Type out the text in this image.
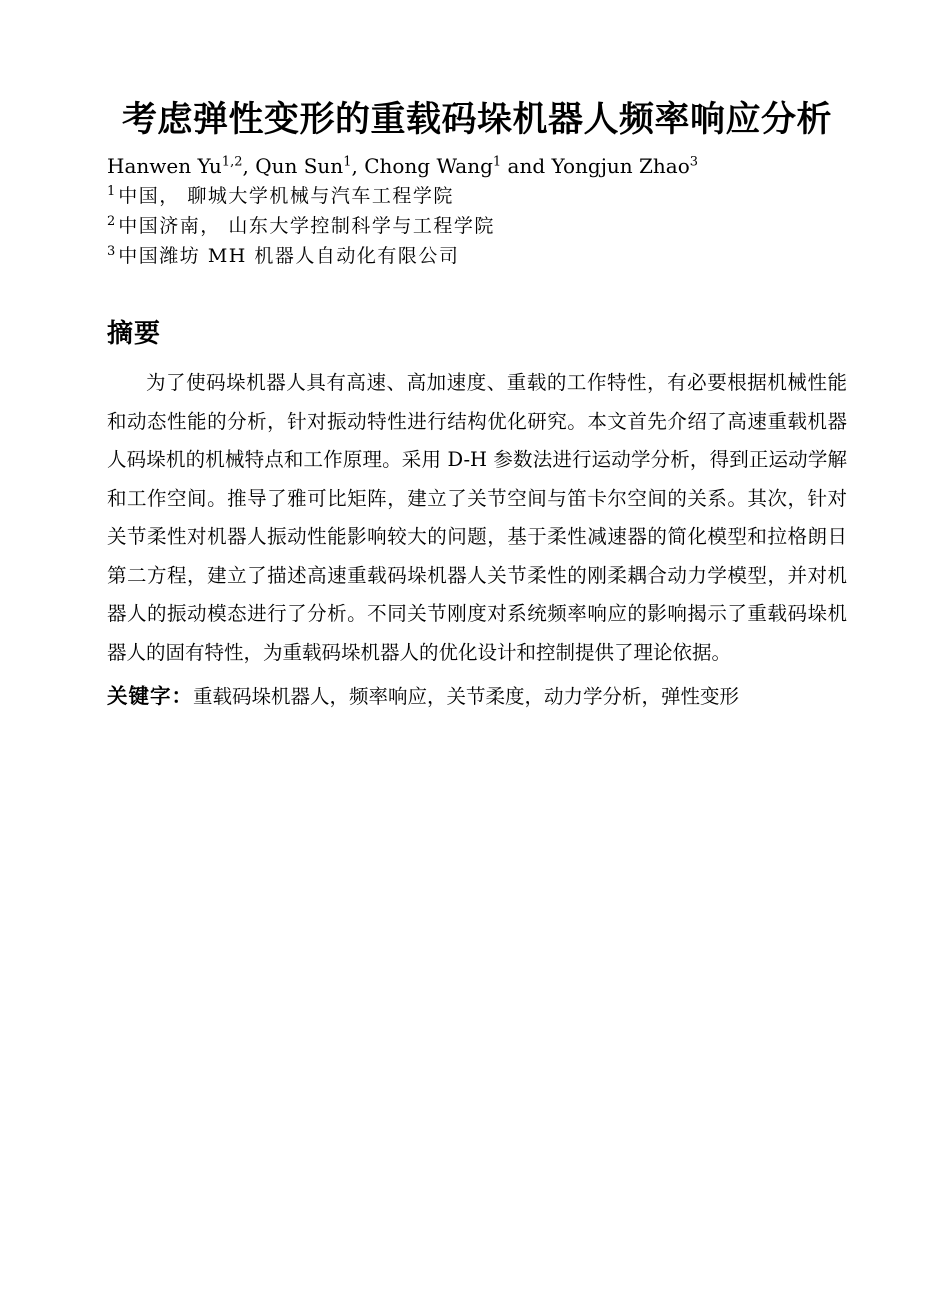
考虑弹性变形的重载码垛机器人频率响应分析
Hanwen Yu$^{1,2}$, Qun Sun$^1$, Chong Wang$^1$ and Yongjun Zhao$^3$
$^1$ 中国， 聊城大学机械与汽车工程学院
$^2$ 中国济南， 山东大学控制科学与工程学院
$^3$ 中国潍坊 MH 机器人自动化有限公司
摘要

为了使码垛机器人具有高速、高加速度、重载的工作特性，有必要根据机械性能和动态性能的分析，针对振动特性进行结构优化研究。本文首先介绍了高速重载机器人码垛机的机械特点和工作原理。采用 D-H 参数法进行运动学分析，得到正运动学解和工作空间。推导了雅可比矩阵，建立了关节空间与笛卡尔空间的关系。其次，针对关节柔性对机器人振动性能影响较大的问题，基于柔性减速器的简化模型和拉格朗日第二方程，建立了描述高速重载码垛机器人关节柔性的刚柔耦合动力学模型，并对机器人的振动模态进行了分析。不同关节刚度对系统频率响应的影响揭示了重载码垛机器人的固有特性，为重载码垛机器人的优化设计和控制提供了理论依据。

关键字：重载码垛机器人，频率响应，关节柔度，动力学分析，弹性变形
